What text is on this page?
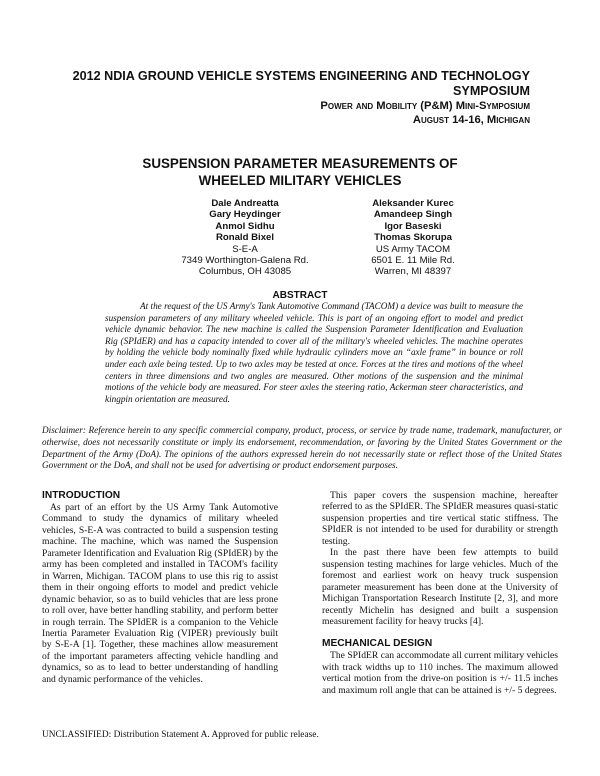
2012 NDIA GROUND VEHICLE SYSTEMS ENGINEERING AND TECHNOLOGY
SYMPOSIUM
Power and Mobility (P&M) Mini-Symposium
August 14-16, Michigan
SUSPENSION PARAMETER MEASUREMENTS OF
WHEELED MILITARY VEHICLES
Dale Andreatta
Gary Heydinger
Anmol Sidhu
Ronald Bixel
S-E-A
7349 Worthington-Galena Rd.
Columbus, OH 43085
Aleksander Kurec
Amandeep Singh
Igor Baseski
Thomas Skorupa
US Army TACOM
6501 E. 11 Mile Rd.
Warren, MI 48397
ABSTRACT
At the request of the US Army's Tank Automotive Command (TACOM) a device was built to measure the suspension parameters of any military wheeled vehicle. This is part of an ongoing effort to model and predict vehicle dynamic behavior. The new machine is called the Suspension Parameter Identification and Evaluation Rig (SPIdER) and has a capacity intended to cover all of the military's wheeled vehicles. The machine operates by holding the vehicle body nominally fixed while hydraulic cylinders move an “axle frame” in bounce or roll under each axle being tested. Up to two axles may be tested at once. Forces at the tires and motions of the wheel centers in three dimensions and two angles are measured. Other motions of the suspension and the minimal motions of the vehicle body are measured. For steer axles the steering ratio, Ackerman steer characteristics, and kingpin orientation are measured.
Disclaimer: Reference herein to any specific commercial company, product, process, or service by trade name, trademark, manufacturer, or otherwise, does not necessarily constitute or imply its endorsement, recommendation, or favoring by the United States Government or the Department of the Army (DoA). The opinions of the authors expressed herein do not necessarily state or reflect those of the United States Government or the DoA, and shall not be used for advertising or product endorsement purposes.
INTRODUCTION

As part of an effort by the US Army Tank Automotive Command to study the dynamics of military wheeled vehicles, S-E-A was contracted to build a suspension testing machine. The machine, which was named the Suspension Parameter Identification and Evaluation Rig (SPIdER) by the army has been completed and installed in TACOM's facility in Warren, Michigan. TACOM plans to use this rig to assist them in their ongoing efforts to model and predict vehicle dynamic behavior, so as to build vehicles that are less prone to roll over, have better handling stability, and perform better in rough terrain. The SPIdER is a companion to the Vehicle Inertia Parameter Evaluation Rig (VIPER) previously built by S-E-A [1]. Together, these machines allow measurement of the important parameters affecting vehicle handling and dynamics, so as to lead to better understanding of handling and dynamic performance of the vehicles.

This paper covers the suspension machine, hereafter referred to as the SPIdER. The SPIdER measures quasi-static suspension properties and tire vertical static stiffness. The SPIdER is not intended to be used for durability or strength testing.

In the past there have been few attempts to build suspension testing machines for large vehicles. Much of the foremost and earliest work on heavy truck suspension parameter measurement has been done at the University of Michigan Transportation Research Institute [2, 3], and more recently Michelin has designed and built a suspension measurement facility for heavy trucks [4].

MECHANICAL DESIGN

The SPIdER can accommodate all current military vehicles with track widths up to 110 inches. The maximum allowed vertical motion from the drive-on position is +/- 11.5 inches and maximum roll angle that can be attained is +/- 5 degrees.

UNCLASSIFIED: Distribution Statement A. Approved for public release.
